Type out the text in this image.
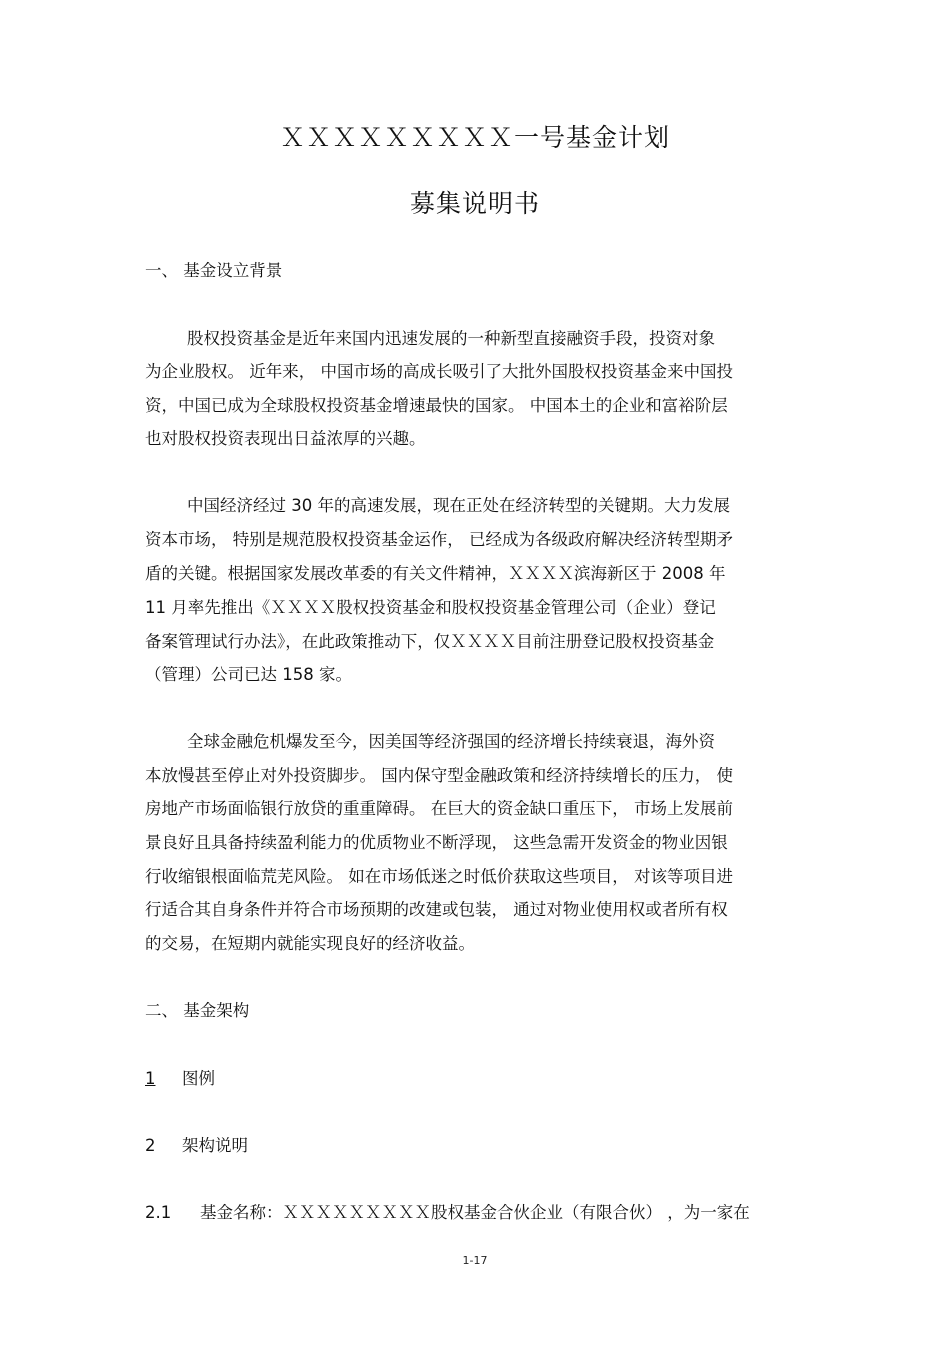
ＸＸＸＸＸＸＸＸＸ一号基金计划
募集说明书
一、 基金设立背景
股权投资基金是近年来国内迅速发展的一种新型直接融资手段，投资对象
为企业股权。 近年来， 中国市场的高成长吸引了大批外国股权投资基金来中国投
资，中国已成为全球股权投资基金增速最快的国家。 中国本土的企业和富裕阶层
也对股权投资表现出日益浓厚的兴趣。
中国经济经过 30 年的高速发展，现在正处在经济转型的关键期。大力发展
资本市场， 特别是规范股权投资基金运作， 已经成为各级政府解决经济转型期矛
盾的关键。根据国家发展改革委的有关文件精神，ＸＸＸＸ滨海新区于 2008 年
11 月率先推出《ＸＸＸＸ股权投资基金和股权投资基金管理公司（企业）登记
备案管理试行办法》，在此政策推动下，仅ＸＸＸＸ目前注册登记股权投资基金
（管理）公司已达 158 家。
全球金融危机爆发至今，因美国等经济强国的经济增长持续衰退，海外资
本放慢甚至停止对外投资脚步。 国内保守型金融政策和经济持续增长的压力， 使
房地产市场面临银行放贷的重重障碍。 在巨大的资金缺口重压下， 市场上发展前
景良好且具备持续盈利能力的优质物业不断浮现， 这些急需开发资金的物业因银
行收缩银根面临荒芜风险。 如在市场低迷之时低价获取这些项目， 对该等项目进
行适合其自身条件并符合市场预期的改建或包装， 通过对物业使用权或者所有权
的交易，在短期内就能实现良好的经济收益。
二、 基金架构
1 图例
2 架构说明
2.1 基金名称：ＸＸＸＸＸＸＸＸＸ股权基金合伙企业（有限合伙） ，为一家在
1-17
